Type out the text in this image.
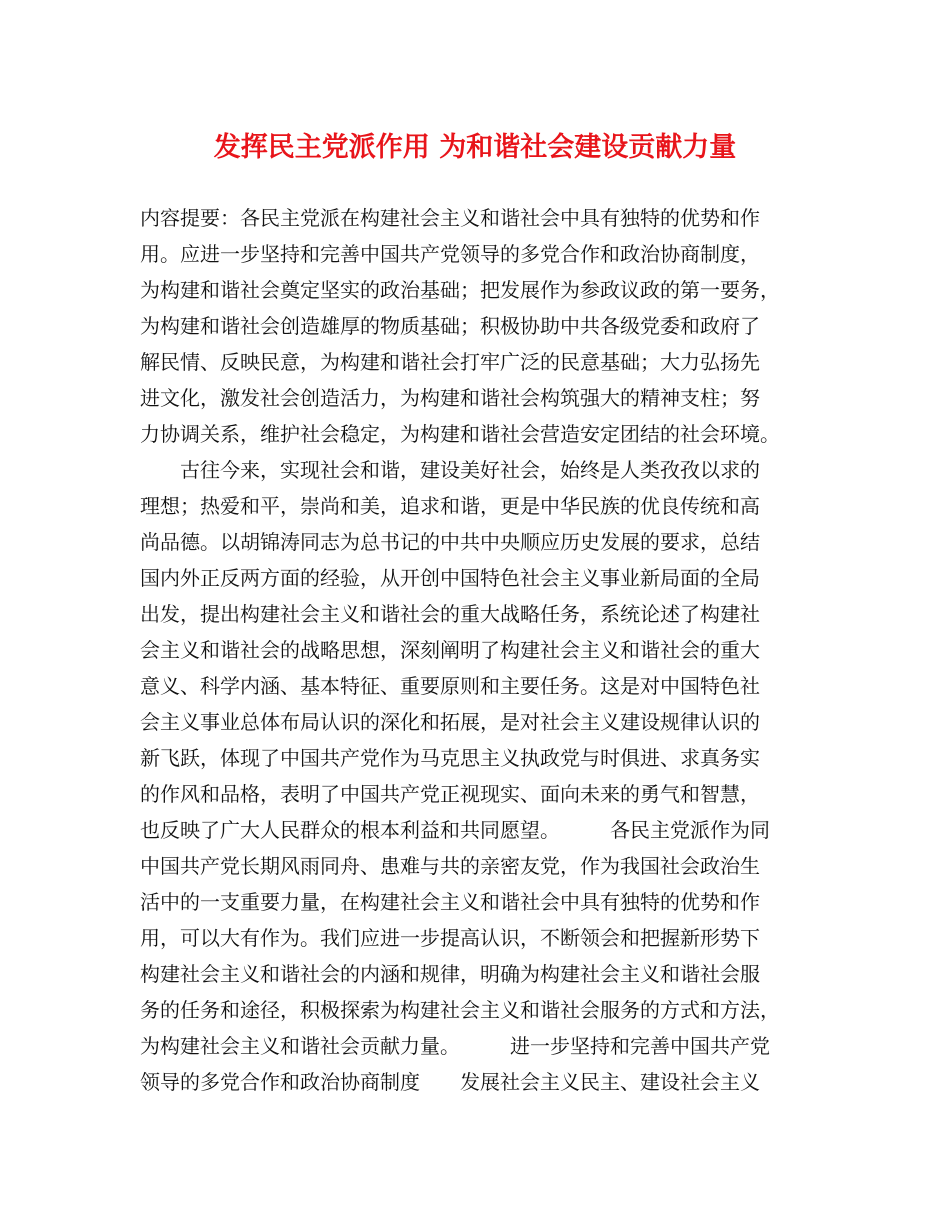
发挥民主党派作用 为和谐社会建设贡献力量

内容提要：各民主党派在构建社会主义和谐社会中具有独特的优势和作

用。应进一步坚持和完善中国共产党领导的多党合作和政治协商制度，

为构建和谐社会奠定坚实的政治基础；把发展作为参政议政的第一要务，

为构建和谐社会创造雄厚的物质基础；积极协助中共各级党委和政府了

解民情、反映民意，为构建和谐社会打牢广泛的民意基础；大力弘扬先

进文化，激发社会创造活力，为构建和谐社会构筑强大的精神支柱；努

力协调关系，维护社会稳定，为构建和谐社会营造安定团结的社会环境。

　　古往今来，实现社会和谐，建设美好社会，始终是人类孜孜以求的

理想；热爱和平，崇尚和美，追求和谐，更是中华民族的优良传统和高

尚品德。以胡锦涛同志为总书记的中共中央顺应历史发展的要求，总结

国内外正反两方面的经验，从开创中国特色社会主义事业新局面的全局

出发，提出构建社会主义和谐社会的重大战略任务，系统论述了构建社

会主义和谐社会的战略思想，深刻阐明了构建社会主义和谐社会的重大

意义、科学内涵、基本特征、重要原则和主要任务。这是对中国特色社

会主义事业总体布局认识的深化和拓展，是对社会主义建设规律认识的

新飞跃，体现了中国共产党作为马克思主义执政党与时俱进、求真务实

的作风和品格，表明了中国共产党正视现实、面向未来的勇气和智慧，

也反映了广大人民群众的根本利益和共同愿望。　　　各民主党派作为同

中国共产党长期风雨同舟、患难与共的亲密友党，作为我国社会政治生

活中的一支重要力量，在构建社会主义和谐社会中具有独特的优势和作

用，可以大有作为。我们应进一步提高认识，不断领会和把握新形势下

构建社会主义和谐社会的内涵和规律，明确为构建社会主义和谐社会服

务的任务和途径，积极探索为构建社会主义和谐社会服务的方式和方法，

为构建社会主义和谐社会贡献力量。　　　进一步坚持和完善中国共产党

领导的多党合作和政治协商制度　　发展社会主义民主、建设社会主义
